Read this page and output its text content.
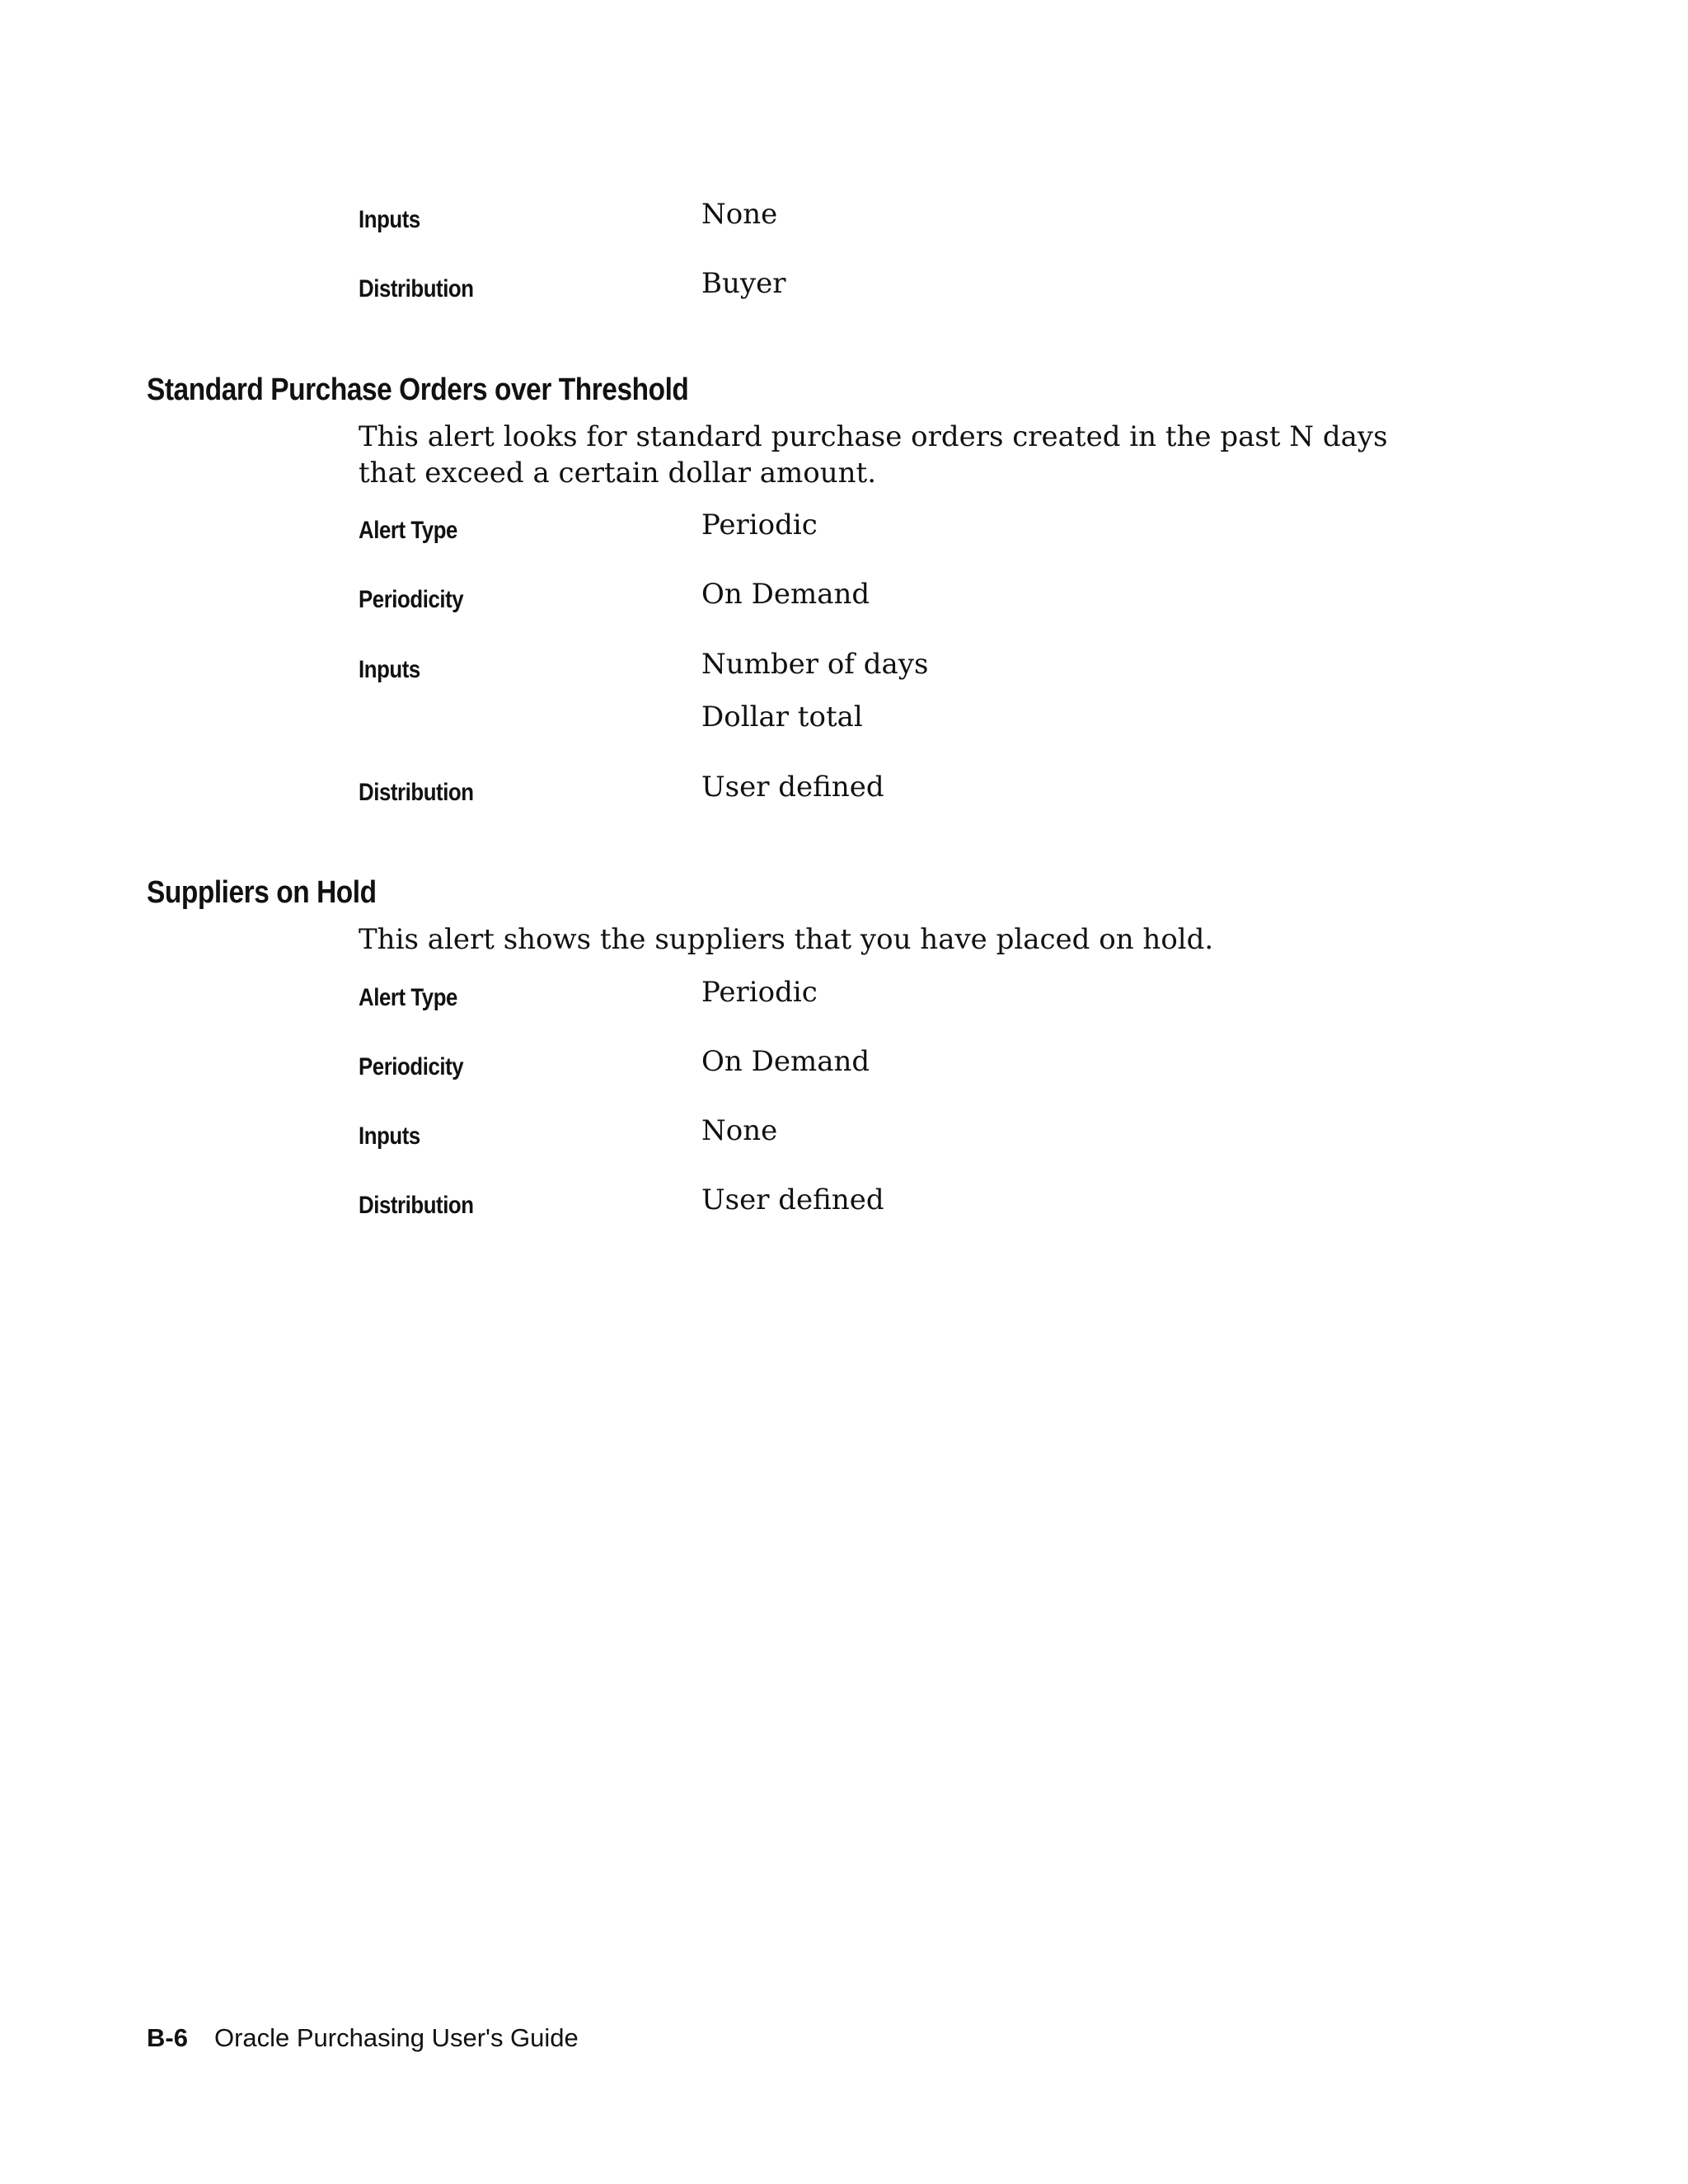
Inputs	None
Distribution	Buyer
Standard Purchase Orders over Threshold
This alert looks for standard purchase orders created in the past N days that exceed a certain dollar amount.
Alert Type	Periodic
Periodicity	On Demand
Inputs	Number of days
Dollar total
Distribution	User defined
Suppliers on Hold
This alert shows the suppliers that you have placed on hold.
Alert Type	Periodic
Periodicity	On Demand
Inputs	None
Distribution	User defined
B-6 Oracle Purchasing User's Guide
